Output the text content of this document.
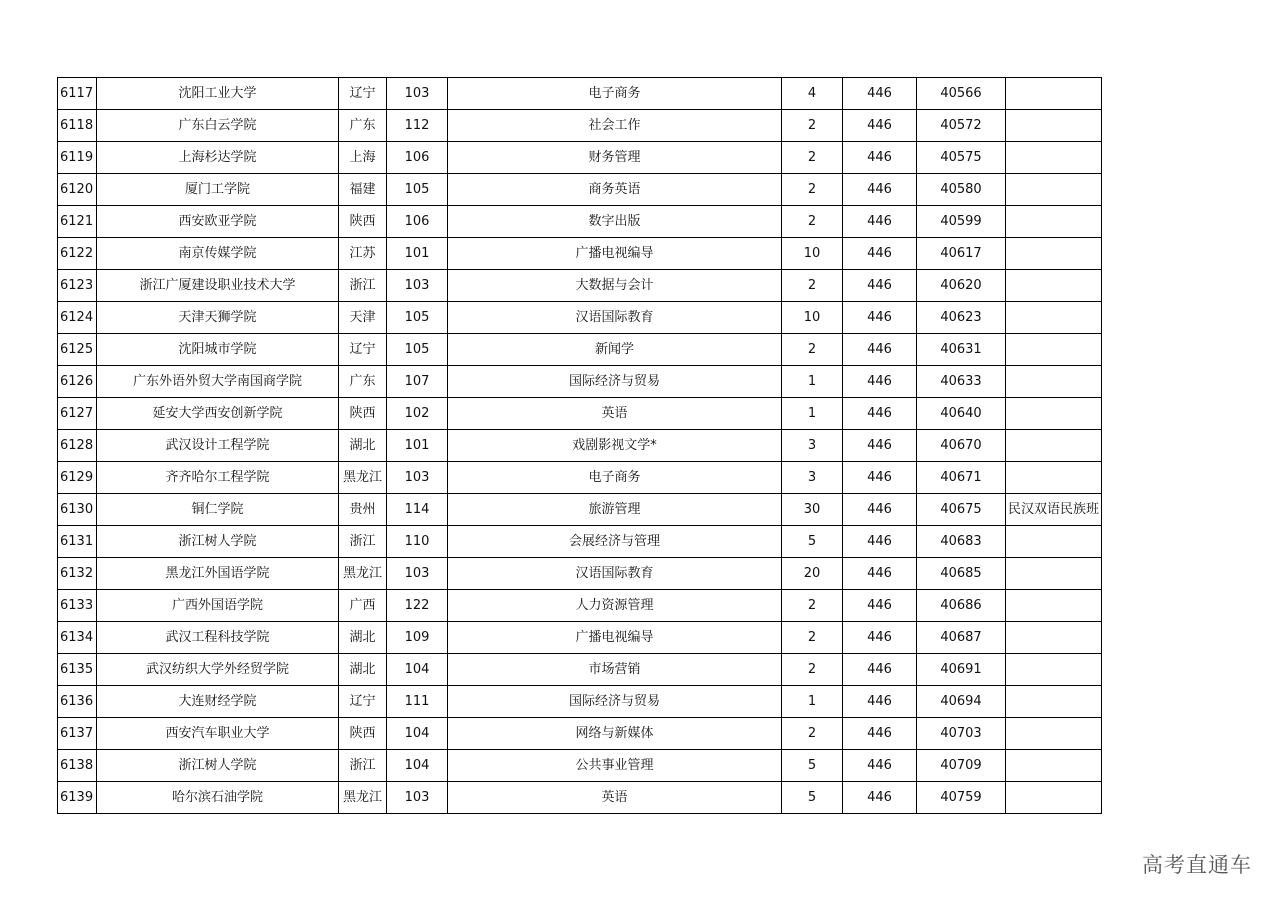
6117	沈阳工业大学	辽宁	103	电子商务	4	446	40566	
6118	广东白云学院	广东	112	社会工作	2	446	40572	
6119	上海杉达学院	上海	106	财务管理	2	446	40575	
6120	厦门工学院	福建	105	商务英语	2	446	40580	
6121	西安欧亚学院	陕西	106	数字出版	2	446	40599	
6122	南京传媒学院	江苏	101	广播电视编导	10	446	40617	
6123	浙江广厦建设职业技术大学	浙江	103	大数据与会计	2	446	40620	
6124	天津天狮学院	天津	105	汉语国际教育	10	446	40623	
6125	沈阳城市学院	辽宁	105	新闻学	2	446	40631	
6126	广东外语外贸大学南国商学院	广东	107	国际经济与贸易	1	446	40633	
6127	延安大学西安创新学院	陕西	102	英语	1	446	40640	
6128	武汉设计工程学院	湖北	101	戏剧影视文学*	3	446	40670	
6129	齐齐哈尔工程学院	黑龙江	103	电子商务	3	446	40671	
6130	铜仁学院	贵州	114	旅游管理	30	446	40675	民汉双语民族班
6131	浙江树人学院	浙江	110	会展经济与管理	5	446	40683	
6132	黑龙江外国语学院	黑龙江	103	汉语国际教育	20	446	40685	
6133	广西外国语学院	广西	122	人力资源管理	2	446	40686	
6134	武汉工程科技学院	湖北	109	广播电视编导	2	446	40687	
6135	武汉纺织大学外经贸学院	湖北	104	市场营销	2	446	40691	
6136	大连财经学院	辽宁	111	国际经济与贸易	1	446	40694	
6137	西安汽车职业大学	陕西	104	网络与新媒体	2	446	40703	
6138	浙江树人学院	浙江	104	公共事业管理	5	446	40709	
6139	哈尔滨石油学院	黑龙江	103	英语	5	446	40759	
高考直通车
